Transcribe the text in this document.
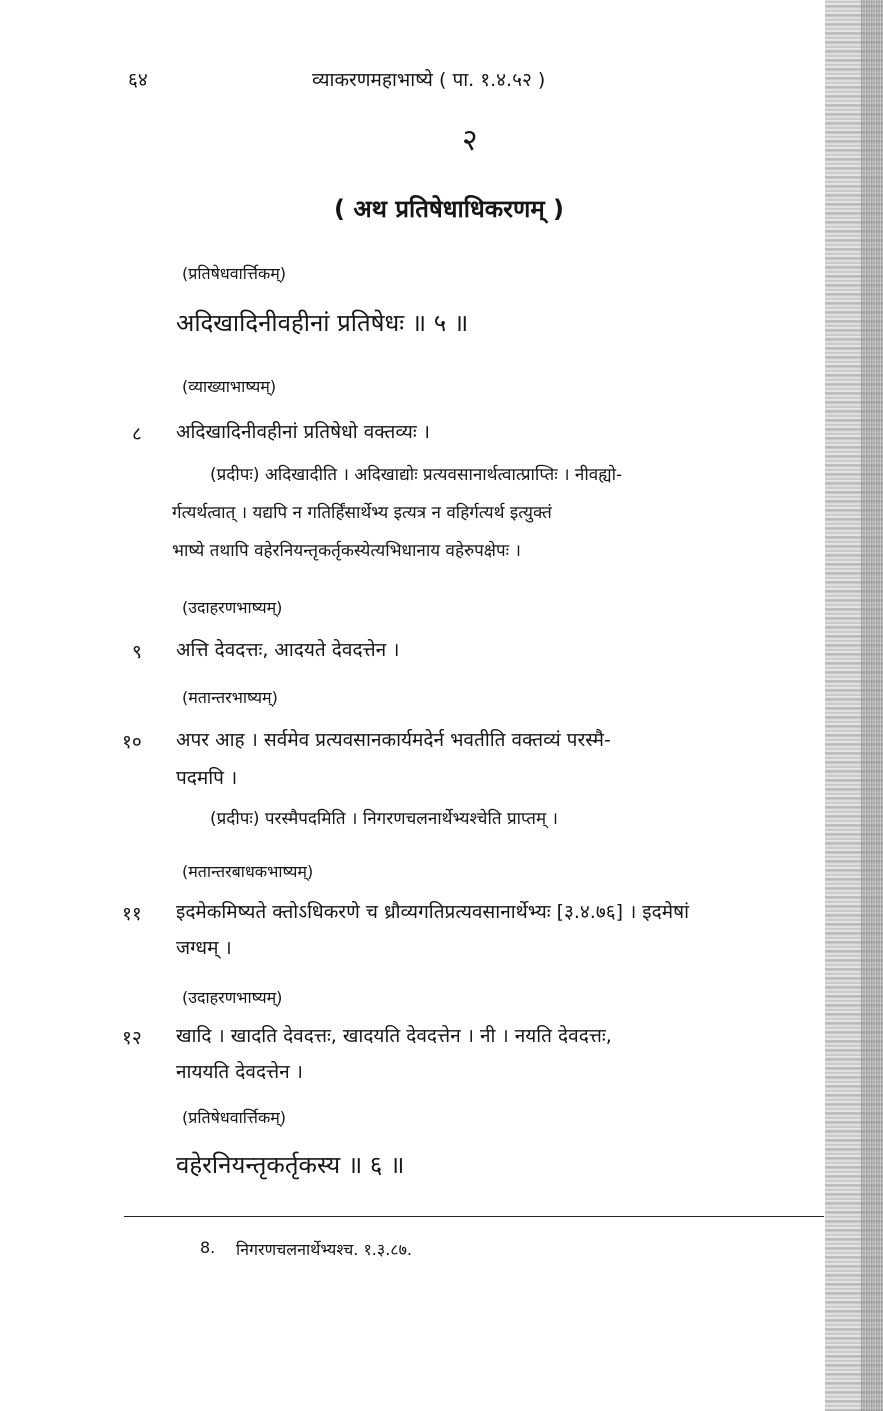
६४	व्याकरणमहाभाष्ये ( पा. १.४.५२ )
२
( अथ प्रतिषेधाधिकरणम् )
(प्रतिषेधवार्त्तिकम्)
अदिखादिनीवहीनां प्रतिषेधः ॥ ५ ॥
(व्याख्याभाष्यम्)
८ अदिखादिनीवहीनां प्रतिषेधो वक्तव्यः ।
(प्रदीपः) अदिखादीति । अदिखाद्योः प्रत्यवसानार्थत्वात्प्राप्तिः । नीवह्यो-
र्गत्यर्थत्वात् । यद्यपि न गतिर्हिंसार्थेभ्य इत्यत्र न वहिर्गत्यर्थ इत्युक्तं
भाष्ये तथापि वहेरनियन्तृकर्तृकस्येत्यभिधानाय वहेरुपक्षेपः ।
(उदाहरणभाष्यम्)
९ अत्ति देवदत्तः, आदयते देवदत्तेन ।
(मतान्तरभाष्यम्)
१० अपर आह । सर्वमेव प्रत्यवसानकार्यमदेर्न भवतीति वक्तव्यं परस्मै-
पदमपि ।
(प्रदीपः) परस्मैपदमिति । निगरणचलनार्थेभ्यश्चेति प्राप्तम् ।
(मतान्तरबाधकभाष्यम्)
११ इदमेकमिष्यते क्तोऽधिकरणे च ध्रौव्यगतिप्रत्यवसानार्थेभ्यः [३.४.७६] । इदमेषां
जग्धम् ।
(उदाहरणभाष्यम्)
१२ खादि । खादति देवदत्तः, खादयति देवदत्तेन । नी । नयति देवदत्तः,
नाययति देवदत्तेन ।
(प्रतिषेधवार्त्तिकम्)
वहेरनियन्तृकर्तृकस्य ॥ ६ ॥
8. निगरणचलनार्थेभ्यश्च. १.३.८७.
